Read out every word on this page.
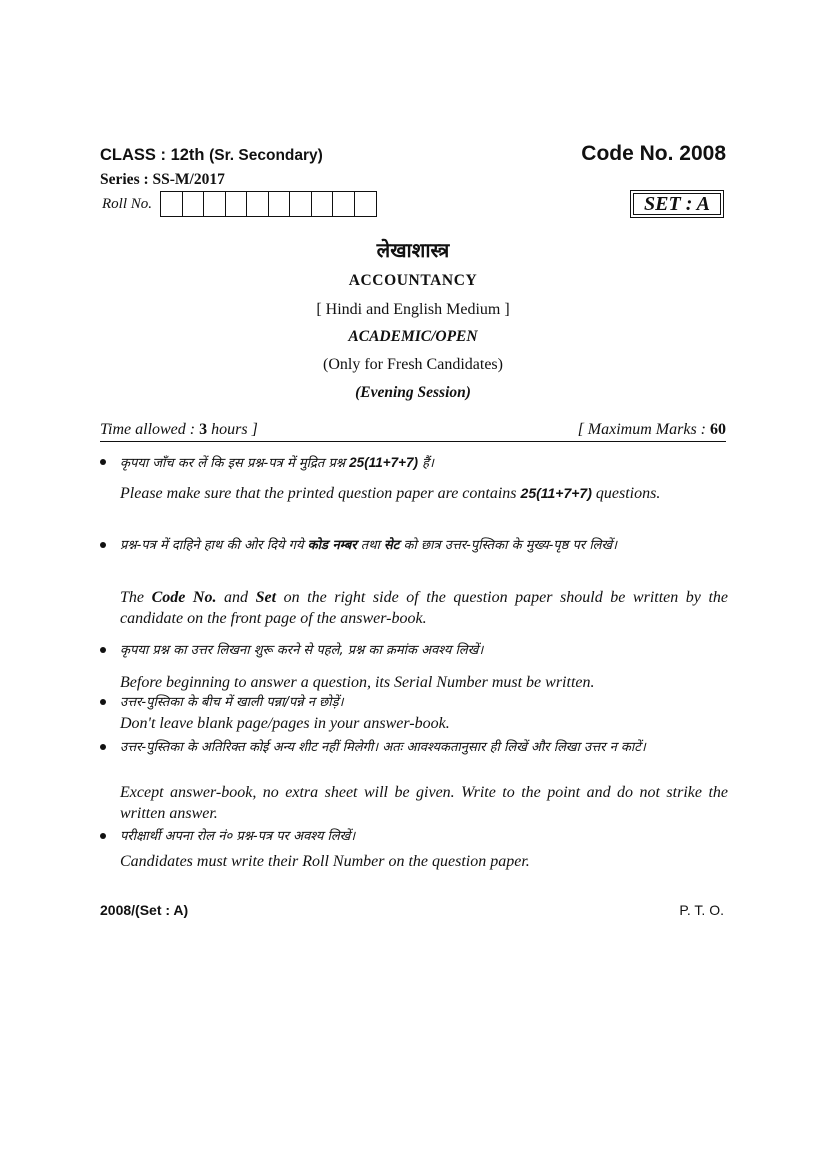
CLASS : 12th (Sr. Secondary)	Code No. 2008
Series : SS-M/2017
Roll No.	SET : A
लेखाशास्त्र
ACCOUNTANCY
[ Hindi and English Medium ]
ACADEMIC/OPEN
(Only for Fresh Candidates)
(Evening Session)
Time allowed : 3 hours ]	[ Maximum Marks : 60
कृपया जाँच कर लें कि इस प्रश्न-पत्र में मुद्रित प्रश्न 25(11+7+7) हैं।
Please make sure that the printed question paper are contains 25(11+7+7) questions.
प्रश्न-पत्र में दाहिने हाथ की ओर दिये गये कोड नम्बर तथा सेट को छात्र उत्तर-पुस्तिका के मुख्य-पृष्ठ पर लिखें।
The Code No. and Set on the right side of the question paper should be written by the candidate on the front page of the answer-book.
कृपया प्रश्न का उत्तर लिखना शुरू करने से पहले, प्रश्न का क्रमांक अवश्य लिखें।
Before beginning to answer a question, its Serial Number must be written.
उत्तर-पुस्तिका के बीच में खाली पन्ना/पन्ने न छोड़ें।
Don't leave blank page/pages in your answer-book.
उत्तर-पुस्तिका के अतिरिक्त कोई अन्य शीट नहीं मिलेगी। अतः आवश्यकतानुसार ही लिखें और लिखा उत्तर न काटें।
Except answer-book, no extra sheet will be given. Write to the point and do not strike the written answer.
परीक्षार्थी अपना रोल नं० प्रश्न-पत्र पर अवश्य लिखें।
Candidates must write their Roll Number on the question paper.
2008/(Set : A)	P. T. O.
